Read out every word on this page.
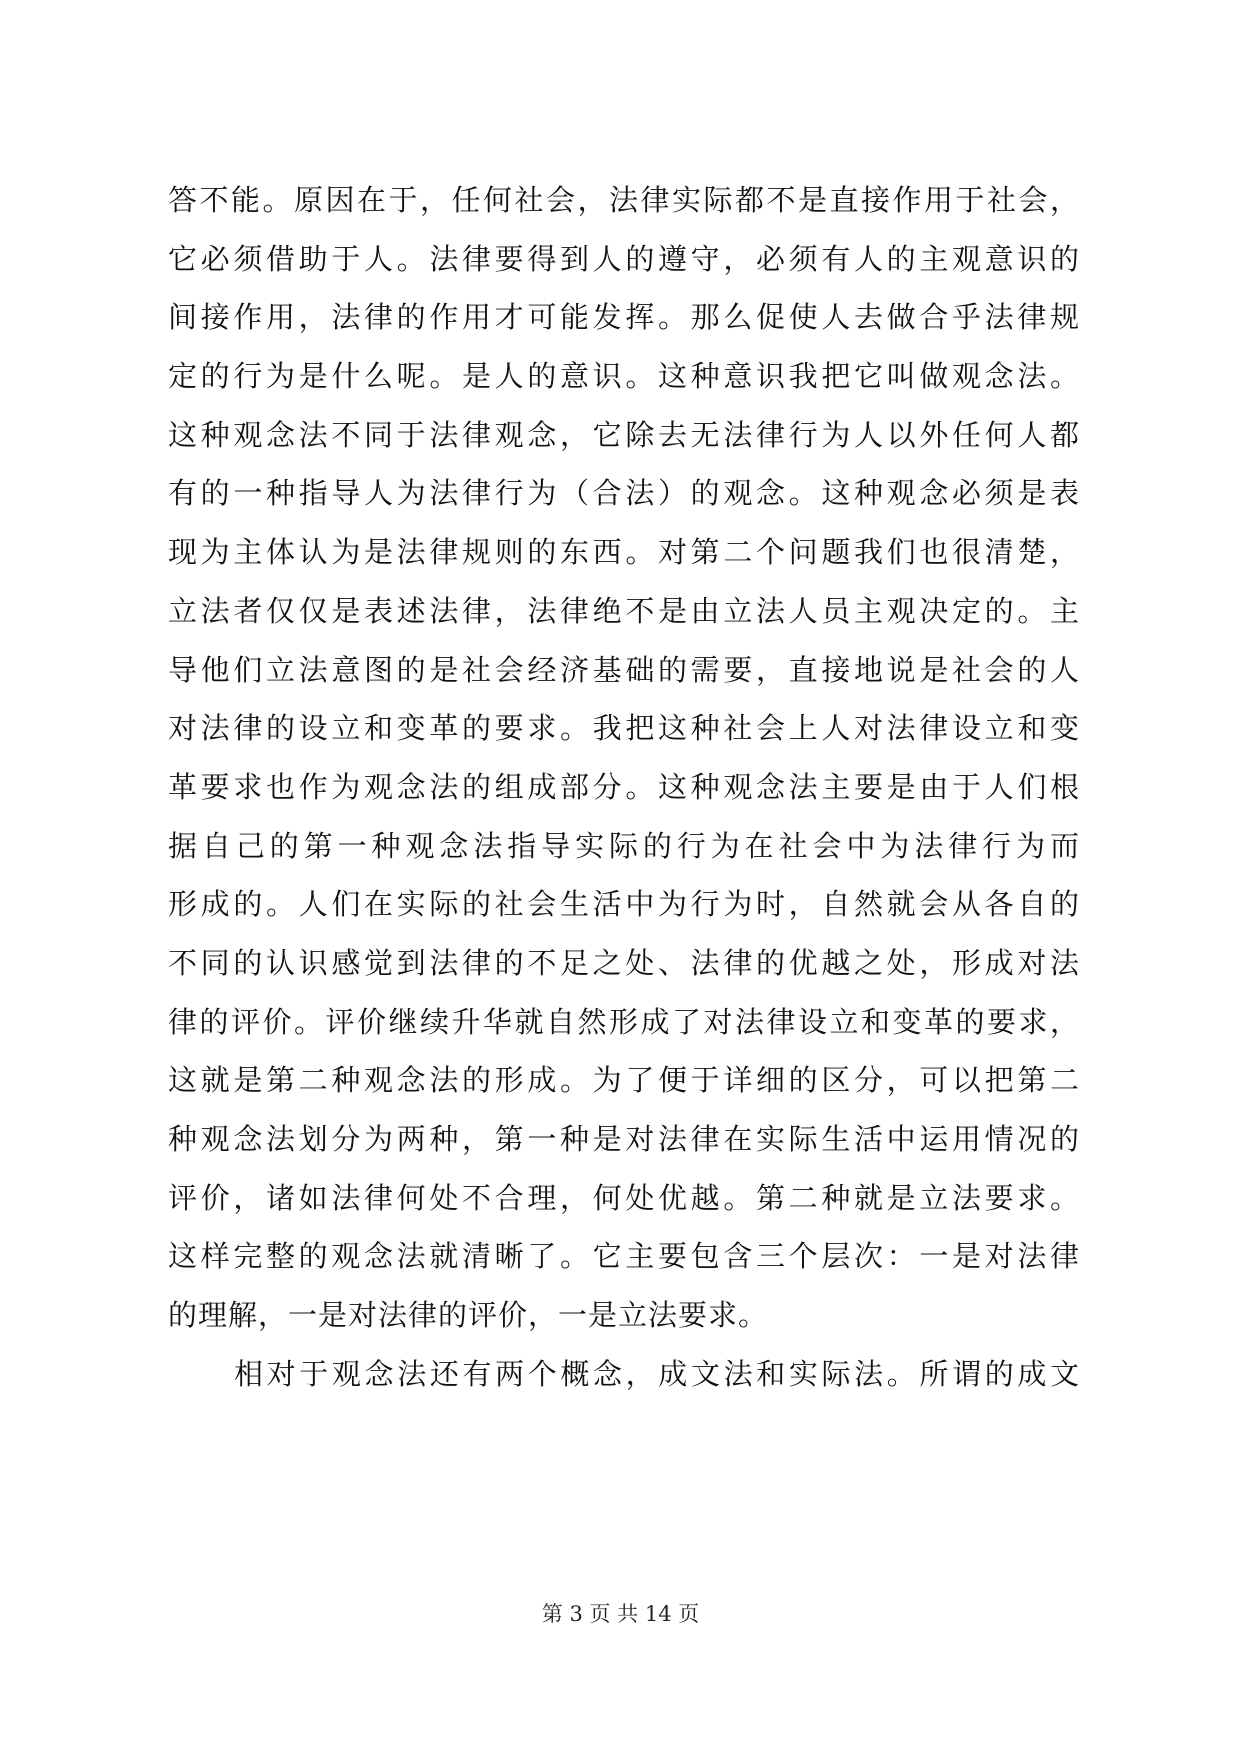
答不能。原因在于，任何社会，法律实际都不是直接作用于社会，
它必须借助于人。法律要得到人的遵守，必须有人的主观意识的
间接作用，法律的作用才可能发挥。那么促使人去做合乎法律规
定的行为是什么呢。是人的意识。这种意识我把它叫做观念法。
这种观念法不同于法律观念，它除去无法律行为人以外任何人都
有的一种指导人为法律行为（合法）的观念。这种观念必须是表
现为主体认为是法律规则的东西。对第二个问题我们也很清楚，
立法者仅仅是表述法律，法律绝不是由立法人员主观决定的。主
导他们立法意图的是社会经济基础的需要，直接地说是社会的人
对法律的设立和变革的要求。我把这种社会上人对法律设立和变
革要求也作为观念法的组成部分。这种观念法主要是由于人们根
据自己的第一种观念法指导实际的行为在社会中为法律行为而
形成的。人们在实际的社会生活中为行为时，自然就会从各自的
不同的认识感觉到法律的不足之处、法律的优越之处，形成对法
律的评价。评价继续升华就自然形成了对法律设立和变革的要求，
这就是第二种观念法的形成。为了便于详细的区分，可以把第二
种观念法划分为两种，第一种是对法律在实际生活中运用情况的
评价，诸如法律何处不合理，何处优越。第二种就是立法要求。
这样完整的观念法就清晰了。它主要包含三个层次：一是对法律
的理解，一是对法律的评价，一是立法要求。
相对于观念法还有两个概念，成文法和实际法。所谓的成文
第 3 页 共 14 页
